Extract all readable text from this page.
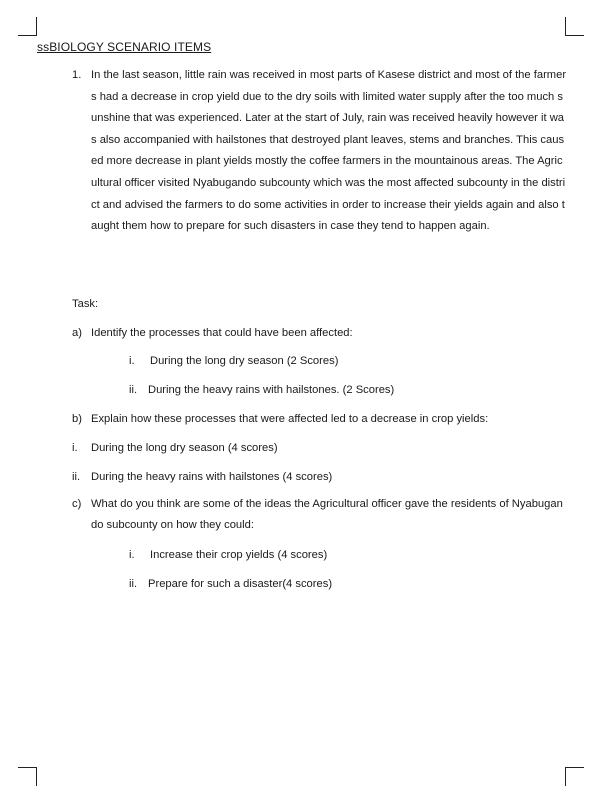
ssBIOLOGY SCENARIO ITEMS
1. In the last season, little rain was received in most parts of Kasese district and most of the farmers had a decrease in crop yield due to the dry soils with limited water supply after the too much sunshine that was experienced. Later at the start of July, rain was received heavily however it was also accompanied with hailstones that destroyed plant leaves, stems and branches. This caused more decrease in plant yields mostly the coffee farmers in the mountainous areas. The Agricultural officer visited Nyabugando subcounty which was the most affected subcounty in the district and advised the farmers to do some activities in order to increase their yields again and also taught them how to prepare for such disasters in case they tend to happen again.
Task:
a) Identify the processes that could have been affected:
i. During the long dry season (2 Scores)
ii. During the heavy rains with hailstones. (2 Scores)
b) Explain how these processes that were affected led to a decrease in crop yields:
i. During the long dry season (4 scores)
ii. During the heavy rains with hailstones (4 scores)
c) What do you think are some of the ideas the Agricultural officer gave the residents of Nyabugando subcounty on how they could:
i. Increase their crop yields (4 scores)
ii. Prepare for such a disaster(4 scores)
